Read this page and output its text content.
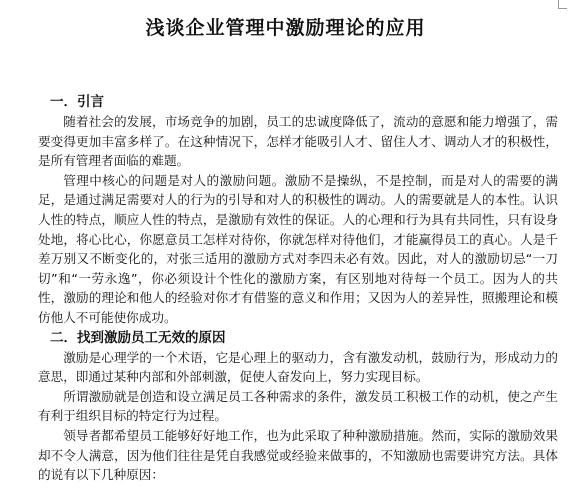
浅谈企业管理中激励理论的应用
一．引言

随着社会的发展，市场竞争的加剧，员工的忠诚度降低了，流动的意愿和能力增强了，需要变得更加丰富多样了。在这种情况下，怎样才能吸引人才、留住人才、调动人才的积极性，是所有管理者面临的难题。

管理中核心的问题是对人的激励问题。激励不是操纵，不是控制，而是对人的需要的满足，是通过满足需要对人的行为的引导和对人的积极性的调动。人的需要就是人的本性。认识人性的特点，顺应人性的特点，是激励有效性的保证。人的心理和行为具有共同性，只有设身处地，将心比心，你愿意员工怎样对待你，你就怎样对待他们，才能赢得员工的真心。人是千差万别又不断变化的，对张三适用的激励方式对李四未必有效。因此，对人的激励切忌“一刀切”和“一劳永逸”，你必须设计个性化的激励方案，有区别地对待每一个员工。因为人的共性，激励的理论和他人的经验对你才有借鉴的意义和作用；又因为人的差异性，照搬理论和模仿他人不可能使你成功。

二．找到激励员工无效的原因

激励是心理学的一个术语，它是心理上的驱动力，含有激发动机，鼓励行为，形成动力的意思，即通过某种内部和外部刺激，促使人奋发向上，努力实现目标。

所谓激励就是创造和设立满足员工各种需求的条件，激发员工积极工作的动机，使之产生有利于组织目标的特定行为过程。

领导者都希望员工能够好好地工作，也为此采取了种种激励措施。然而，实际的激励效果却不令人满意，因为他们往往是凭自我感觉或经验来做事的，不知激励也需要讲究方法。具体的说有以下几种原因：
